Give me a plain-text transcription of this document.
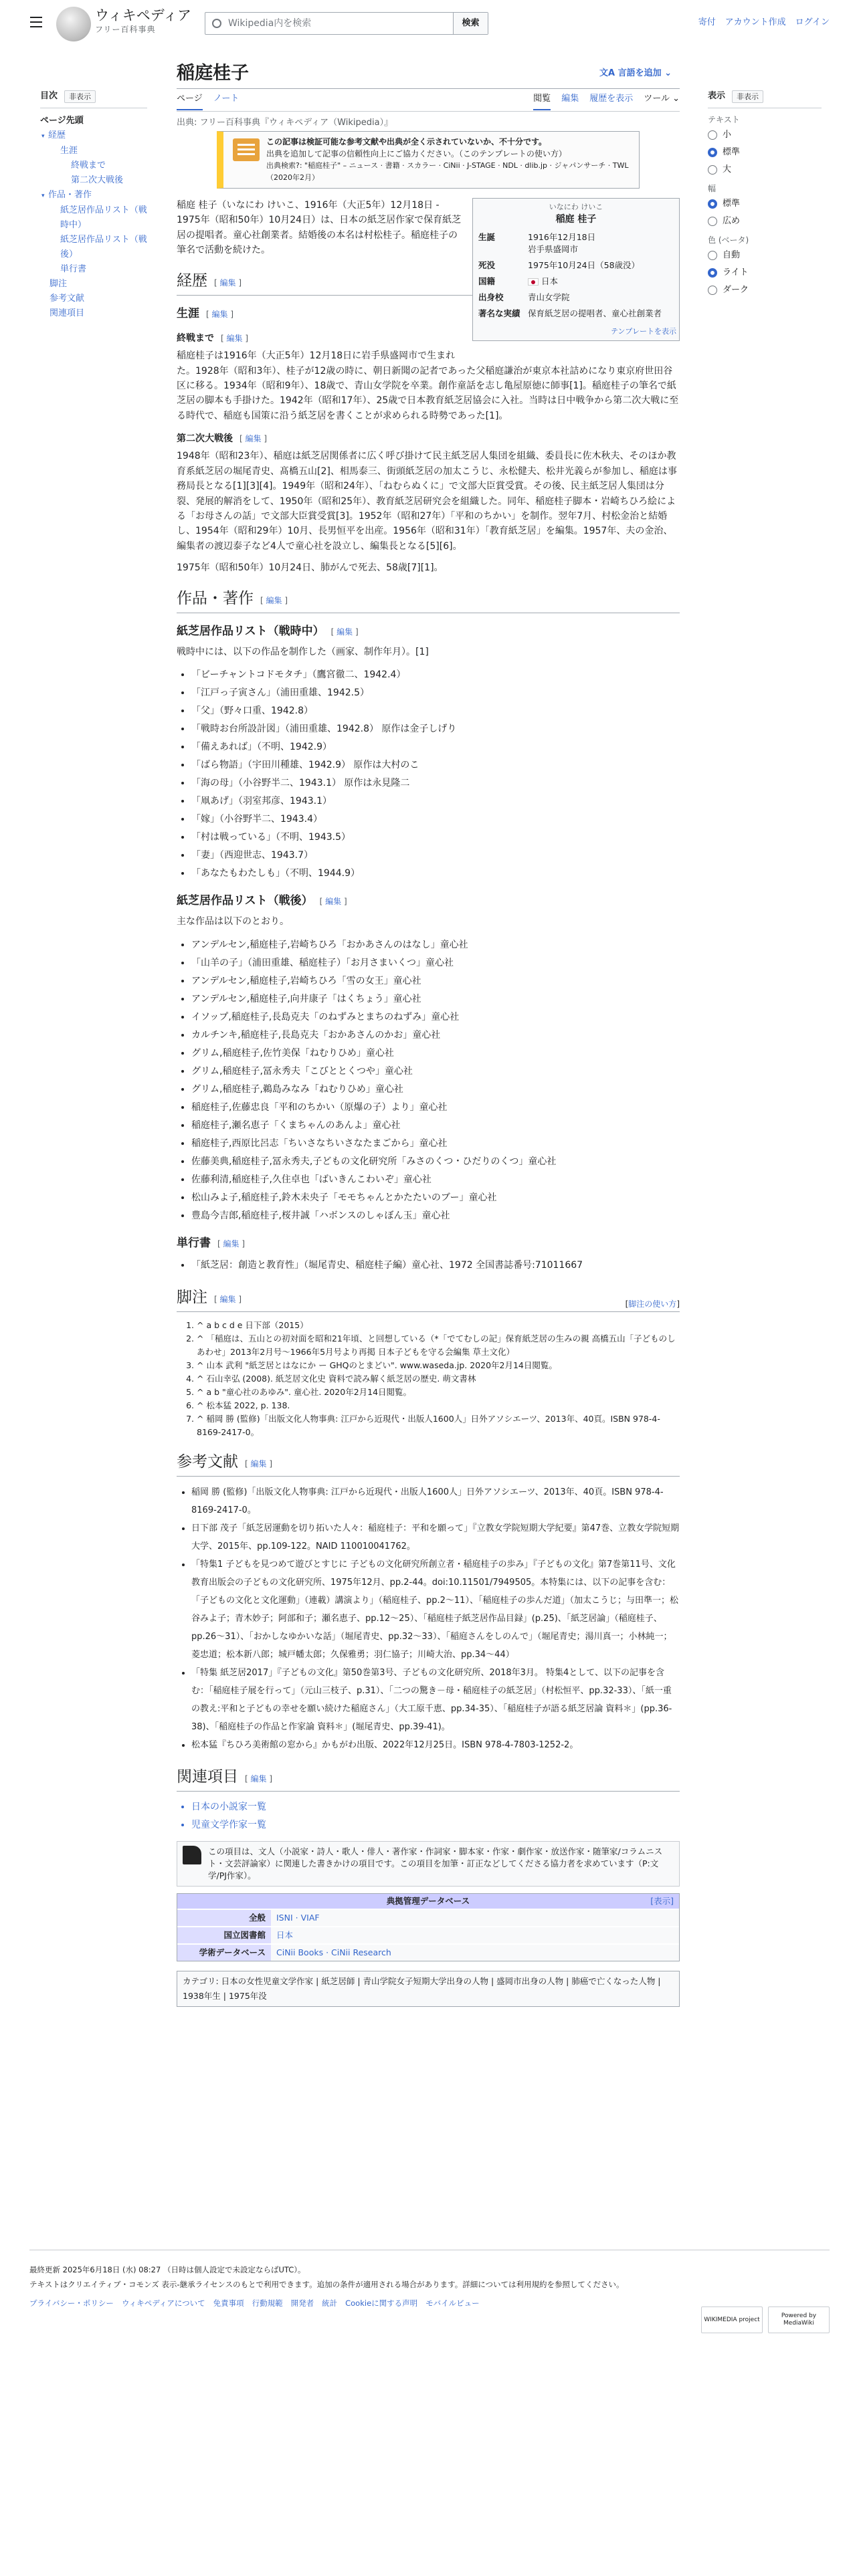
ウィキペディア
フリー百科事典
Wikipedia内を検索	検索	寄付 アカウント作成 ログイン
目次	非表示
ページ先頭
▾ 経歴
生涯
終戦まで
第二次大戦後
▾ 作品・著作
紙芝居作品リスト（戦時中）
紙芝居作品リスト（戦後）
単行書
脚注
参考文献
関連項目
稲庭桂子	文A 言語を追加 ⌄
ページ ノート	閲覧 編集 履歴を表示 ツール ⌄
出典: フリー百科事典『ウィキペディア（Wikipedia）』
表示	非表示
テキスト
小
標準
大
幅
標準
広め
色 (ベータ)
自動
ライト
ダーク
この記事は検証可能な参考文献や出典が全く示されていないか、不十分です。
出典を追加して記事の信頼性向上にご協力ください。（このテンプレートの使い方）
出典検索?: "稲庭桂子" – ニュース · 書籍 · スカラー · CiNii · J-STAGE · NDL · dlib.jp · ジャパンサーチ · TWL（2020年2月）
いなにわ けいこ
稲庭 桂子
生誕	1916年12月18日
岩手県盛岡市
死没	1975年10月24日（58歳没）
国籍	日本
出身校	青山女学院
著名な実績	保育紙芝居の提唱者、童心社創業者
テンプレートを表示

稲庭 桂子（いなにわ けいこ、1916年（大正5年）12月18日 - 1975年（昭和50年）10月24日）は、日本の紙芝居作家で保育紙芝居の提唱者。童心社創業者。結婚後の本名は村松桂子。稲庭桂子の筆名で活動を続けた。

経歴 [ 編集 ]
生涯 [ 編集 ]
終戦まで [ 編集 ]

稲庭桂子は1916年（大正5年）12月18日に岩手県盛岡市で生まれた。1928年（昭和3年）、桂子が12歳の時に、朝日新聞の記者であった父稲庭謙治が東京本社詰めになり東京府世田谷区に移る。1934年（昭和9年）、18歳で、青山女学院を卒業。創作童話を志し亀屋原徳に師事[1]。稲庭桂子の筆名で紙芝居の脚本も手掛けた。1942年（昭和17年）、25歳で日本教育紙芝居協会に入社。当時は日中戦争から第二次大戦に至る時代で、稲庭も国策に沿う紙芝居を書くことが求められる時勢であった[1]。

第二次大戦後 [ 編集 ]

1948年（昭和23年）、稲庭は紙芝居関係者に広く呼び掛けて民主紙芝居人集団を組織、委員長に佐木秋夫、そのほか教育系紙芝居の堀尾青史、髙橋五山[2]、相馬泰三、街頭紙芝居の加太こうじ、永松健夫、松井光義らが参加し、稲庭は事務局長となる[1][3][4]。1949年（昭和24年）、「ねむらぬくに」で文部大臣賞受賞。その後、民主紙芝居人集団は分裂、発展的解消をして、1950年（昭和25年）、教育紙芝居研究会を組織した。同年、稲庭桂子脚本・岩崎ちひろ絵による「お母さんの話」で文部大臣賞受賞[3]。1952年（昭和27年）「平和のちかい」を制作。翌年7月、村松金治と結婚し、1954年（昭和29年）10月、長男恒平を出産。1956年（昭和31年）「教育紙芝居」を編集。1957年、夫の金治、編集者の渡辺泰子など4人で童心社を設立し、編集長となる[5][6]。

1975年（昭和50年）10月24日、肺がんで死去、58歳[7][1]。

作品・著作 [ 編集 ]
紙芝居作品リスト（戦時中） [ 編集 ]

戦時中には、以下の作品を制作した（画家、制作年月）。[1]

• 「ビーチャントコドモタチ」（鷹宮徹二、1942.4）
• 「江戸っ子寅さん」（浦田重雄、1942.5）
• 「父」（野々口重、1942.8）
• 「戦時お台所設計図」（浦田重雄、1942.8） 原作は金子しげり
• 「備えあれば」（不明、1942.9）
• 「ばら物語」（宇田川種雄、1942.9） 原作は大村のこ
• 「海の母」（小谷野半二、1943.1） 原作は永見隆二
• 「凧あげ」（羽室邦彦、1943.1）
• 「嫁」（小谷野半二、1943.4）
• 「村は戦っている」（不明、1943.5）
• 「妻」（西迎世志、1943.7）
• 「あなたもわたしも」（不明、1944.9）
紙芝居作品リスト（戦後） [ 編集 ]

主な作品は以下のとおり。

• アンデルセン,稲庭桂子,岩崎ちひろ「おかあさんのはなし」童心社
• 「山羊の子」（浦田重雄、稲庭桂子）「お月さまいくつ」童心社
• アンデルセン,稲庭桂子,岩崎ちひろ「雪の女王」童心社
• アンデルセン,稲庭桂子,向井康子「はくちょう」童心社
• イソップ,稲庭桂子,長島克夫「のねずみとまちのねずみ」童心社
• カルチンキ,稲庭桂子,長島克夫「おかあさんのかお」童心社
• グリム,稲庭桂子,佐竹美保「ねむりひめ」童心社
• グリム,稲庭桂子,冨永秀夫「こびととくつや」童心社
• グリム,稲庭桂子,鵜島みなみ「ねむりひめ」童心社
• 稲庭桂子,佐藤忠良「平和のちかい（原爆の子）より」童心社
• 稲庭桂子,瀬名恵子「くまちゃんのあんよ」童心社
• 稲庭桂子,西原比呂志「ちいさなちいさなたまごから」童心社
• 佐藤美典,稲庭桂子,冨永秀夫,子どもの文化研究所「みさのくつ・ひだりのくつ」童心社
• 佐藤利清,稲庭桂子,久住卓也「ばいきんこわいぞ」童心社
• 松山みよ子,稲庭桂子,鈴木未央子「モモちゃんとかたたいのブー」童心社
• 豊島今吉郎,稲庭桂子,桜井誠「ハボンスのしゃぼん玉」童心社
単行書 [ 編集 ]
• 「紙芝居：創造と教育性」（堀尾青史、稲庭桂子編）童心社、1972 全国書誌番号:71011667
脚注 [ 編集 ]	[脚注の使い方]
1. ^ a b c d e 日下部（2015）
2. ^ 「稲庭は、五山との初対面を昭和21年頃、と回想している（*「でてむしの記」保育紙芝居の生みの親 高橋五山「子どものしあわせ」2013年2月号〜1966年5月号より再掲 日本子どもを守る会編集 草土文化）
3. ^ 山本 武利 "紙芝居とはなにか ー GHQのとまどい". www.waseda.jp. 2020年2月14日閲覧。
4. ^ 石山幸弘 (2008). 紙芝居文化史 資料で読み解く紙芝居の歴史. 萌文書林
5. ^ a b "童心社のあゆみ". 童心社. 2020年2月14日閲覧。
6. ^ 松本猛 2022, p. 138.
7. ^ 稲岡 勝 (監修)「出版文化人物事典: 江戸から近現代・出版人1600人」日外アソシエーツ、2013年、40頁。ISBN 978-4-8169-2417-0。
参考文献 [ 編集 ]
• 稲岡 勝 (監修)「出版文化人物事典: 江戸から近現代・出版人1600人」日外アソシエーツ、2013年、40頁。ISBN 978-4-8169-2417-0。
• 日下部 茂子「紙芝居運動を切り拓いた人々：稲庭桂子：平和を願って」『立教女学院短期大学紀要』第47巻、立教女学院短期大学、2015年、pp.109-122。NAID 110010041762。
• 「特集1 子どもを見つめて遊びとすじに 子どもの文化研究所創立者・稲庭桂子の歩み」『子どもの文化』第7巻第11号、文化教育出版会の子どもの文化研究所、1975年12月、pp.2-44。doi:10.11501/7949505。本特集には、以下の記事を含む：「子どもの文化と文化運動」（連載）講演より」（稲庭桂子、pp.2〜11）、「稲庭桂子の歩んだ道」（加太こうじ；与田準一；松谷みよ子；青木妙子；阿部和子；瀬名恵子、pp.12〜25）、「稲庭桂子紙芝居作品目録」(p.25)、「紙芝居論」（稲庭桂子、pp.26〜31）、「おかしなゆかいな話」（堀尾青史、pp.32〜33）、「稲庭さんをしのんで」（堀尾青史；湯川真一；小林純一；菱忠道；松本新八郎；城戸幡太郎；久保雅勇；羽仁協子；川崎大治、pp.34〜44）
• 「特集 紙芝居2017」『子どもの文化』第50巻第3号、子どもの文化研究所、2018年3月。 特集4として、以下の記事を含む：「稲庭桂子展を行って」（元山三枝子、p.31）、「二つの驚き－母・稲庭桂子の紙芝居」（村松恒平、pp.32-33）、「紙一重の教え:平和と子どもの幸せを願い続けた稲庭さん」（大工原千恵、pp.34-35）、「稲庭桂子が語る紙芝居論 資料＊」(pp.36-38)、「稲庭桂子の作品と作家論 資料＊」(堀尾青史、pp.39-41)。
• 松本猛『ちひろ美術館の窓から』かもがわ出版、2022年12月25日。ISBN 978-4-7803-1252-2。
関連項目 [ 編集 ]
• 日本の小説家一覧
• 児童文学作家一覧
この項目は、文人（小説家・詩人・歌人・俳人・著作家・作詞家・脚本家・作家・劇作家・放送作家・随筆家/コラムニスト・文芸評論家）に関連した書きかけの項目です。この項目を加筆・訂正などしてくださる協力者を求めています（P:文学/PJ作家）。
典拠管理データベース	[表示]
全般	ISNI · VIAF
国立図書館	日本
学術データベース	CiNii Books · CiNii Research
カテゴリ: 日本の女性児童文学作家 | 紙芝居師 | 青山学院女子短期大学出身の人物 | 盛岡市出身の人物 | 肺癌で亡くなった人物 | 1938年生 | 1975年没
最終更新 2025年6月18日 (水) 08:27 （日時は個人設定で未設定ならばUTC）。
テキストはクリエイティブ・コモンズ 表示-継承ライセンスのもとで利用できます。追加の条件が適用される場合があります。詳細については利用規約を参照してください。
プライバシー・ポリシー ウィキペディアについて 免責事項 行動規範 開発者 統計 Cookieに関する声明 モバイルビュー
WIKIMEDIA project
Powered by MediaWiki
